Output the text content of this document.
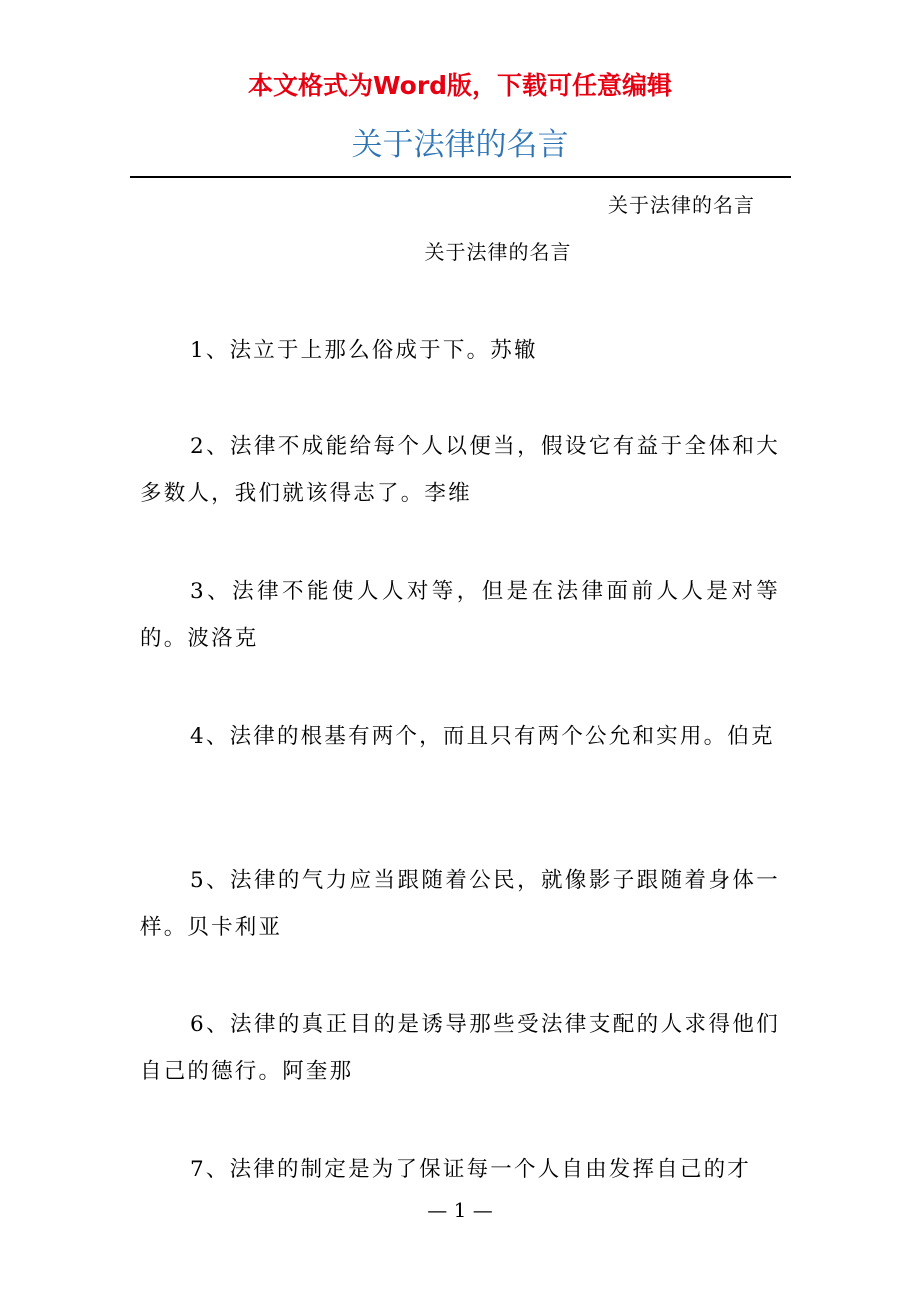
本文格式为Word版，下载可任意编辑
关于法律的名言
关于法律的名言
关于法律的名言
1、法立于上那么俗成于下。苏辙
2、法律不成能给每个人以便当，假设它有益于全体和大多数人，我们就该得志了。李维
3、法律不能使人人对等，但是在法律面前人人是对等的。波洛克
4、法律的根基有两个，而且只有两个公允和实用。伯克
5、法律的气力应当跟随着公民，就像影子跟随着身体一样。贝卡利亚
6、法律的真正目的是诱导那些受法律支配的人求得他们自己的德行。阿奎那
7、法律的制定是为了保证每一个人自由发挥自己的才
— 1 —
